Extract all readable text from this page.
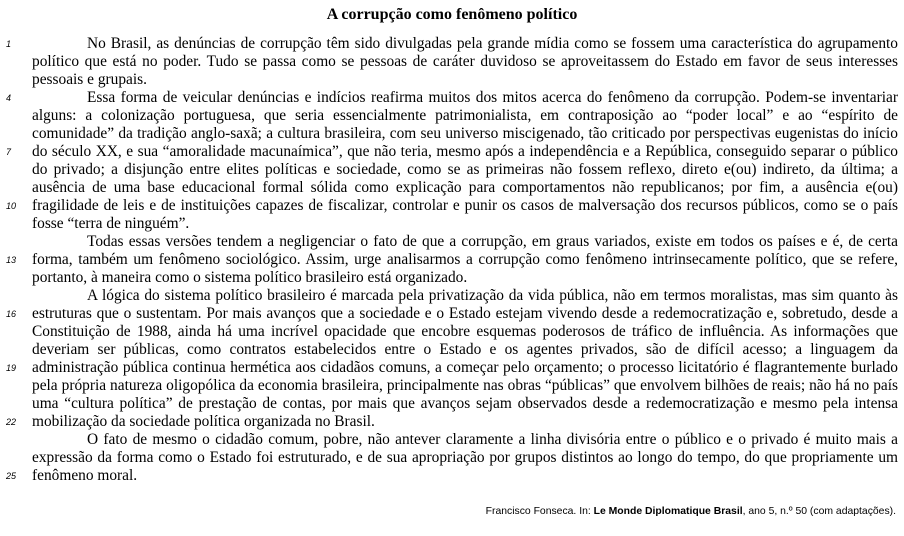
A corrupção como fenômeno político
1
4
7
10
13
16
19
22
25

No Brasil, as denúncias de corrupção têm sido divulgadas pela grande mídia como se fossem uma característica do agrupamento político que está no poder. Tudo se passa como se pessoas de caráter duvidoso se aproveitassem do Estado em favor de seus interesses pessoais e grupais.

Essa forma de veicular denúncias e indícios reafirma muitos dos mitos acerca do fenômeno da corrupção. Podem-se inventariar alguns: a colonização portuguesa, que seria essencialmente patrimonialista, em contraposição ao “poder local” e ao “espírito de comunidade” da tradição anglo-saxã; a cultura brasileira, com seu universo miscigenado, tão criticado por perspectivas eugenistas do início do século XX, e sua “amoralidade macunaímica”, que não teria, mesmo após a independência e a República, conseguido separar o público do privado; a disjunção entre elites políticas e sociedade, como se as primeiras não fossem reflexo, direto e(ou) indireto, da última; a ausência de uma base educacional formal sólida como explicação para comportamentos não republicanos; por fim, a ausência e(ou) fragilidade de leis e de instituições capazes de fiscalizar, controlar e punir os casos de malversação dos recursos públicos, como se o país fosse “terra de ninguém”.

Todas essas versões tendem a negligenciar o fato de que a corrupção, em graus variados, existe em todos os países e é, de certa forma, também um fenômeno sociológico. Assim, urge analisarmos a corrupção como fenômeno intrinsecamente político, que se refere, portanto, à maneira como o sistema político brasileiro está organizado.

A lógica do sistema político brasileiro é marcada pela privatização da vida pública, não em termos moralistas, mas sim quanto às estruturas que o sustentam. Por mais avanços que a sociedade e o Estado estejam vivendo desde a redemocratização e, sobretudo, desde a Constituição de 1988, ainda há uma incrível opacidade que encobre esquemas poderosos de tráfico de influência. As informações que deveriam ser públicas, como contratos estabelecidos entre o Estado e os agentes privados, são de difícil acesso; a linguagem da administração pública continua hermética aos cidadãos comuns, a começar pelo orçamento; o processo licitatório é flagrantemente burlado pela própria natureza oligopólica da economia brasileira, principalmente nas obras “públicas” que envolvem bilhões de reais; não há no país uma “cultura política” de prestação de contas, por mais que avanços sejam observados desde a redemocratização e mesmo pela intensa mobilização da sociedade política organizada no Brasil.

O fato de mesmo o cidadão comum, pobre, não antever claramente a linha divisória entre o público e o privado é muito mais a expressão da forma como o Estado foi estruturado, e de sua apropriação por grupos distintos ao longo do tempo, do que propriamente um fenômeno moral.

Francisco Fonseca. In: Le Monde Diplomatique Brasil, ano 5, n.º 50 (com adaptações).
